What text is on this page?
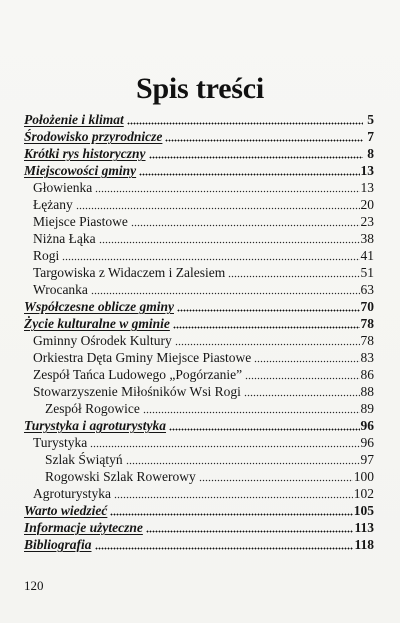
Spis treści
Położenie i klimat	5
Środowisko przyrodnicze	7
Krótki rys historyczny	8
Miejscowości gminy	13
Głowienka	13
Łężany	20
Miejsce Piastowe	23
Niżna Łąka	38
Rogi	41
Targowiska z Widaczem i Zalesiem	51
Wrocanka	63
Współczesne oblicze gminy	70
Życie kulturalne w gminie	78
Gminny Ośrodek Kultury	78
Orkiestra Dęta Gminy Miejsce Piastowe	83
Zespół Tańca Ludowego „Pogórzanie”	86
Stowarzyszenie Miłośników Wsi Rogi	88
Zespół Rogowice	89
Turystyka i agroturystyka	96
Turystyka	96
Szlak Świątyń	97
Rogowski Szlak Rowerowy	100
Agroturystyka	102
Warto wiedzieć	105
Informacje użyteczne	113
Bibliografia	118
120
